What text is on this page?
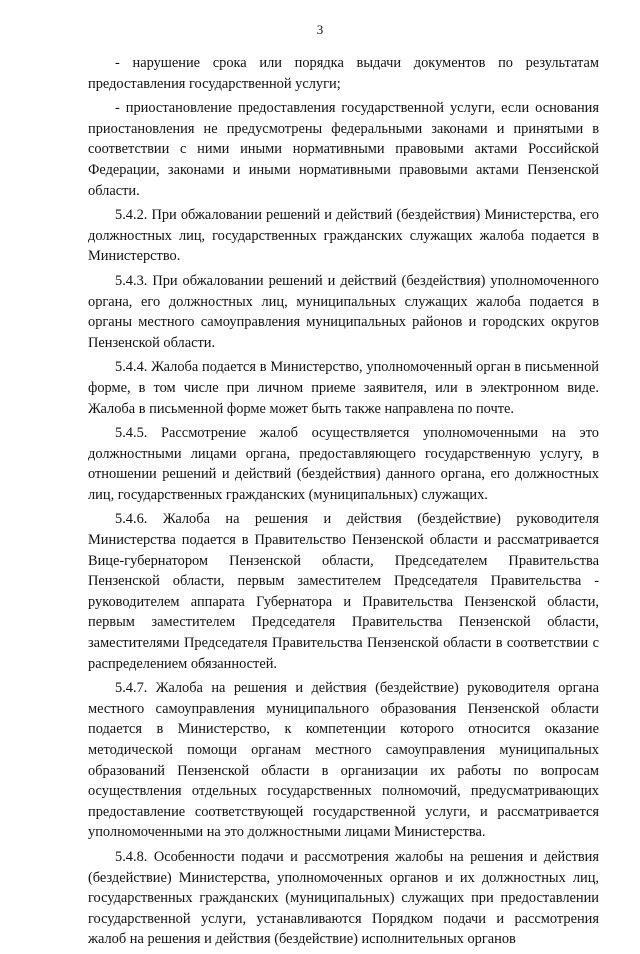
3

- нарушение срока или порядка выдачи документов по результатам предоставления государственной услуги;

- приостановление предоставления государственной услуги, если основания приостановления не предусмотрены федеральными законами и принятыми в соответствии с ними иными нормативными правовыми актами Российской Федерации, законами и иными нормативными правовыми актами Пензенской области.

5.4.2. При обжаловании решений и действий (бездействия) Министерства, его должностных лиц, государственных гражданских служащих жалоба подается в Министерство.

5.4.3. При обжаловании решений и действий (бездействия) уполномоченного органа, его должностных лиц, муниципальных служащих жалоба подается в органы местного самоуправления муниципальных районов и городских округов Пензенской области.

5.4.4. Жалоба подается в Министерство, уполномоченный орган в письменной форме, в том числе при личном приеме заявителя, или в электронном виде. Жалоба в письменной форме может быть также направлена по почте.

5.4.5. Рассмотрение жалоб осуществляется уполномоченными на это должностными лицами органа, предоставляющего государственную услугу, в отношении решений и действий (бездействия) данного органа, его должностных лиц, государственных гражданских (муниципальных) служащих.

5.4.6. Жалоба на решения и действия (бездействие) руководителя Министерства подается в Правительство Пензенской области и рассматривается Вице-губернатором Пензенской области, Председателем Правительства Пензенской области, первым заместителем Председателя Правительства - руководителем аппарата Губернатора и Правительства Пензенской области, первым заместителем Председателя Правительства Пензенской области, заместителями Председателя Правительства Пензенской области в соответствии с распределением обязанностей.

5.4.7. Жалоба на решения и действия (бездействие) руководителя органа местного самоуправления муниципального образования Пензенской области подается в Министерство, к компетенции которого относится оказание методической помощи органам местного самоуправления муниципальных образований Пензенской области в организации их работы по вопросам осуществления отдельных государственных полномочий, предусматривающих предоставление соответствующей государственной услуги, и рассматривается уполномоченными на это должностными лицами Министерства.

5.4.8. Особенности подачи и рассмотрения жалобы на решения и действия (бездействие) Министерства, уполномоченных органов и их должностных лиц, государственных гражданских (муниципальных) служащих при предоставлении государственной услуги, устанавливаются Порядком подачи и рассмотрения жалоб на решения и действия (бездействие) исполнительных органов
